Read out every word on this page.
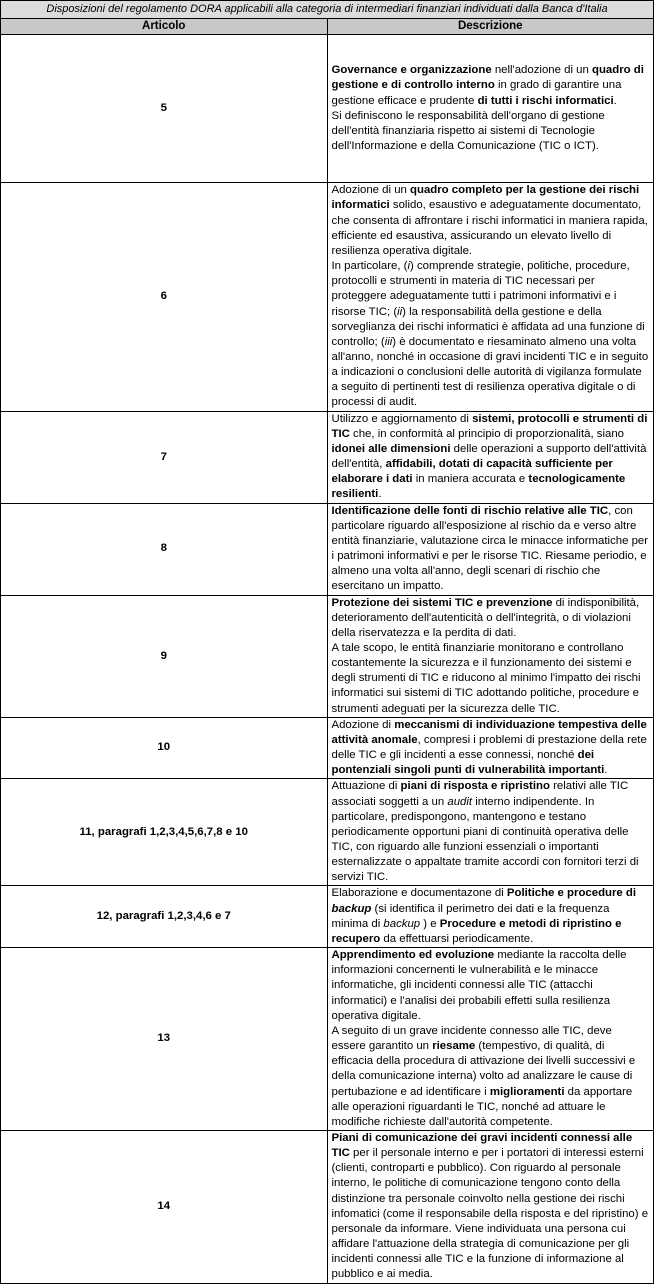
Disposizioni del regolamento DORA applicabili alla categoria di intermediari finanziari individuati dalla Banca d'Italia	
Articolo	Descrizione
5	Governance e organizzazione nell'adozione di un quadro di gestione e di controllo interno in grado di garantire una gestione efficace e prudente di tutti i rischi informatici.

Si definiscono le responsabilità dell'organo di gestione dell'entità finanziaria rispetto ai sistemi di Tecnologie dell'Informazione e della Comunicazione (TIC o ICT).

6	Adozione di un quadro completo per la gestione dei rischi informatici solido, esaustivo e adeguatamente documentato, che consenta di affrontare i rischi informatici in maniera rapida, efficiente ed esaustiva, assicurando un elevato livello di resilienza operativa digitale.

In particolare, (i) comprende strategie, politiche, procedure, protocolli e strumenti in materia di TIC necessari per proteggere adeguatamente tutti i patrimoni informativi e i risorse TIC; (ii) la responsabilità della gestione e della sorveglianza dei rischi informatici è affidata ad una funzione di controllo; (iii) è documentato e riesaminato almeno una volta all'anno, nonché in occasione di gravi incidenti TIC e in seguito a indicazioni o conclusioni delle autorità di vigilanza formulate a seguito di pertinenti test di resilienza operativa digitale o di processi di audit.

7	Utilizzo e aggiornamento di sistemi, protocolli e strumenti di TIC che, in conformità al principio di proporzionalità, siano idonei alle dimensioni delle operazioni a supporto dell'attività dell'entità, affidabili, dotati di capacità sufficiente per elaborare i dati in maniera accurata e tecnologicamente resilienti.

8	Identificazione delle fonti di rischio relative alle TIC, con particolare riguardo all'esposizione al rischio da e verso altre entità finanziarie, valutazione circa le minacce informatiche per i patrimoni informativi e per le risorse TIC. Riesame periodio, e almeno una volta all'anno, degli scenari di rischio che esercitano un impatto.

9	Protezione dei sistemi TIC e prevenzione di indisponibilità, deterioramento dell'autenticità o dell'integrità, o di violazioni della riservatezza e la perdita di dati.

A tale scopo, le entità finanziarie monitorano e controllano costantemente la sicurezza e il funzionamento dei sistemi e degli strumenti di TIC e riducono al minimo l'impatto dei rischi informatici sui sistemi di TIC adottando politiche, procedure e strumenti adeguati per la sicurezza delle TIC.

10	Adozione di meccanismi di individuazione tempestiva delle attività anomale, compresi i problemi di prestazione della rete delle TIC e gli incidenti a esse connessi, nonché dei pontenziali singoli punti di vulnerabilità importanti.

11, paragrafi 1,2,3,4,5,6,7,8 e 10	Attuazione di piani di risposta e ripristino relativi alle TIC associati soggetti a un audit interno indipendente. In particolare, predispongono, mantengono e testano periodicamente opportuni piani di continuità operativa delle TIC, con riguardo alle funzioni essenziali o importanti esternalizzate o appaltate tramite accordi con fornitori terzi di servizi TIC.

12, paragrafi 1,2,3,4,6 e 7	Elaborazione e documentazone di Politiche e procedure di backup (si identifica il perimetro dei dati e la frequenza minima di backup ) e Procedure e metodi di ripristino e recupero da effettuarsi periodicamente.

13	Apprendimento ed evoluzione mediante la raccolta delle informazioni concernenti le vulnerabilità e le minacce informatiche, gli incidenti connessi alle TIC (attacchi informatici) e l'analisi dei probabili effetti sulla resilienza operativa digitale.

A seguito di un grave incidente connesso alle TIC, deve essere garantito un riesame (tempestivo, di qualità, di efficacia della procedura di attivazione dei livelli successivi e della comunicazione interna) volto ad analizzare le cause di pertubazione e ad identificare i miglioramenti da apportare alle operazioni riguardanti le TIC, nonché ad attuare le modifiche richieste dall'autorità competente.

14	Piani di comunicazione dei gravi incidenti connessi alle TIC per il personale interno e per i portatori di interessi esterni (clienti, controparti e pubblico). Con riguardo al personale interno, le politiche di comunicazione tengono conto della distinzione tra personale coinvolto nella gestione dei rischi infomatici (come il responsabile della risposta e del ripristino) e personale da informare. Viene individuata una persona cui affidare l'attuazione della strategia di comunicazione per gli incidenti connessi alle TIC e la funzione di informazione al pubblico e ai media.
